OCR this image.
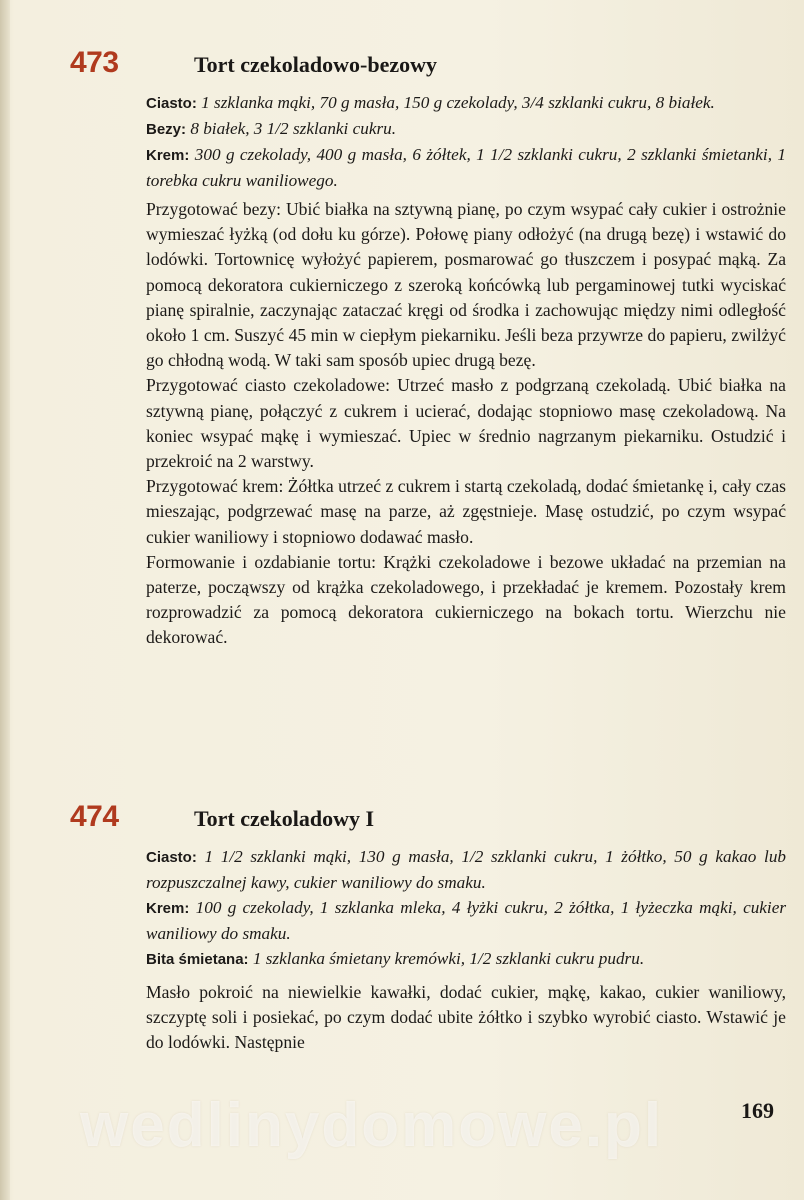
473	Tort czekoladowo-bezowy
Ciasto: 1 szklanka mąki, 70 g masła, 150 g czekolady, 3/4 szklanki cukru, 8 białek.
Bezy: 8 białek, 3 1/2 szklanki cukru.
Krem: 300 g czekolady, 400 g masła, 6 żółtek, 1 1/2 szklanki cukru, 2 szklanki śmietanki, 1 torebka cukru waniliowego.

Przygotować bezy: Ubić białka na sztywną pianę, po czym wsypać cały cukier i ostrożnie wymieszać łyżką (od dołu ku górze). Połowę piany odłożyć (na drugą bezę) i wstawić do lodówki. Tortownicę wyłożyć papierem, posmarować go tłuszczem i posypać mąką. Za pomocą dekoratora cukierniczego z szeroką końcówką lub pergaminowej tutki wyciskać pianę spiralnie, zaczynając zataczać kręgi od środka i zachowując między nimi odległość około 1 cm. Suszyć 45 min w ciepłym piekarniku. Jeśli beza przywrze do papieru, zwilżyć go chłodną wodą. W taki sam sposób upiec drugą bezę.

Przygotować ciasto czekoladowe: Utrzeć masło z podgrzaną czekoladą. Ubić białka na sztywną pianę, połączyć z cukrem i ucierać, dodając stopniowo masę czekoladową. Na koniec wsypać mąkę i wymieszać. Upiec w średnio nagrzanym piekarniku. Ostudzić i przekroić na 2 warstwy.

Przygotować krem: Żółtka utrzeć z cukrem i startą czekoladą, dodać śmietankę i, cały czas mieszając, podgrzewać masę na parze, aż zgęstnieje. Masę ostudzić, po czym wsypać cukier waniliowy i stopniowo dodawać masło.

Formowanie i ozdabianie tortu: Krążki czekoladowe i bezowe układać na przemian na paterze, począwszy od krążka czekoladowego, i przekładać je kremem. Pozostały krem rozprowadzić za pomocą dekoratora cukierniczego na bokach tortu. Wierzchu nie dekorować.

474	Tort czekoladowy I
Ciasto: 1 1/2 szklanki mąki, 130 g masła, 1/2 szklanki cukru, 1 żółtko, 50 g kakao lub rozpuszczalnej kawy, cukier waniliowy do smaku.
Krem: 100 g czekolady, 1 szklanka mleka, 4 łyżki cukru, 2 żółtka, 1 łyżeczka mąki, cukier waniliowy do smaku.
Bita śmietana: 1 szklanka śmietany kremówki, 1/2 szklanki cukru pudru.

Masło pokroić na niewielkie kawałki, dodać cukier, mąkę, kakao, cukier waniliowy, szczyptę soli i posiekać, po czym dodać ubite żółtko i szybko wyrobić ciasto. Wstawić je do lodówki. Następnie

wedlinydomowe.pl	169
